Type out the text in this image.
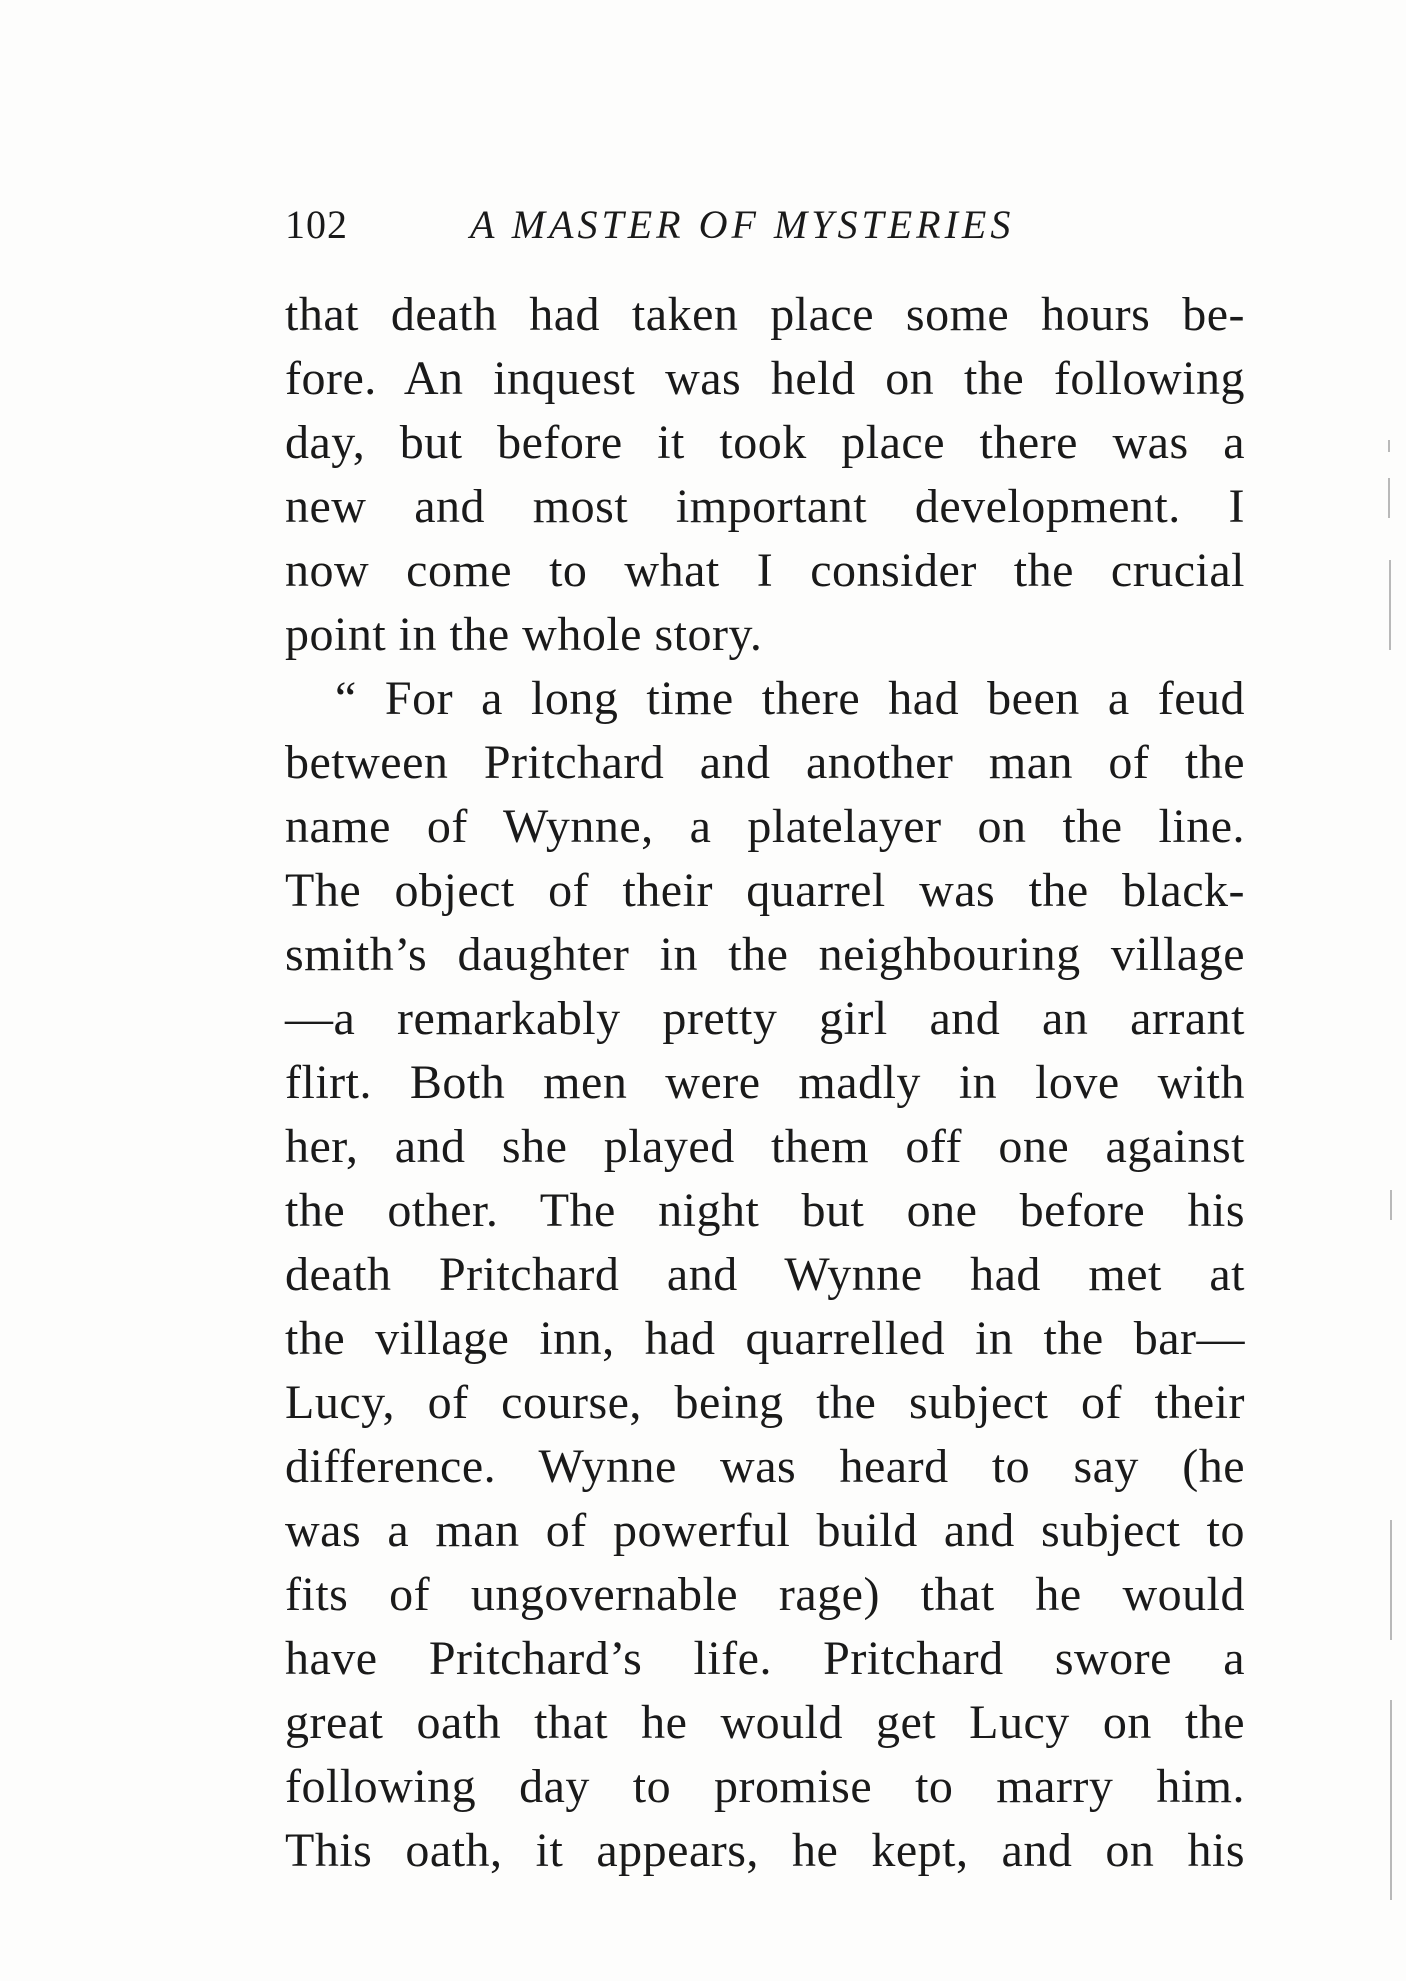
102	A MASTER OF MYSTERIES
that death had taken place some hours be-
fore. An inquest was held on the following
day, but before it took place there was a
new and most important development. I
now come to what I consider the crucial
point in the whole story.
“ For a long time there had been a feud
between Pritchard and another man of the
name of Wynne, a platelayer on the line.
The object of their quarrel was the black-
smith’s daughter in the neighbouring village
—a remarkably pretty girl and an arrant
flirt. Both men were madly in love with
her, and she played them off one against
the other. The night but one before his
death Pritchard and Wynne had met at
the village inn, had quarrelled in the bar—
Lucy, of course, being the subject of their
difference. Wynne was heard to say (he
was a man of powerful build and subject to
fits of ungovernable rage) that he would
have Pritchard’s life. Pritchard swore a
great oath that he would get Lucy on the
following day to promise to marry him.
This oath, it appears, he kept, and on his
